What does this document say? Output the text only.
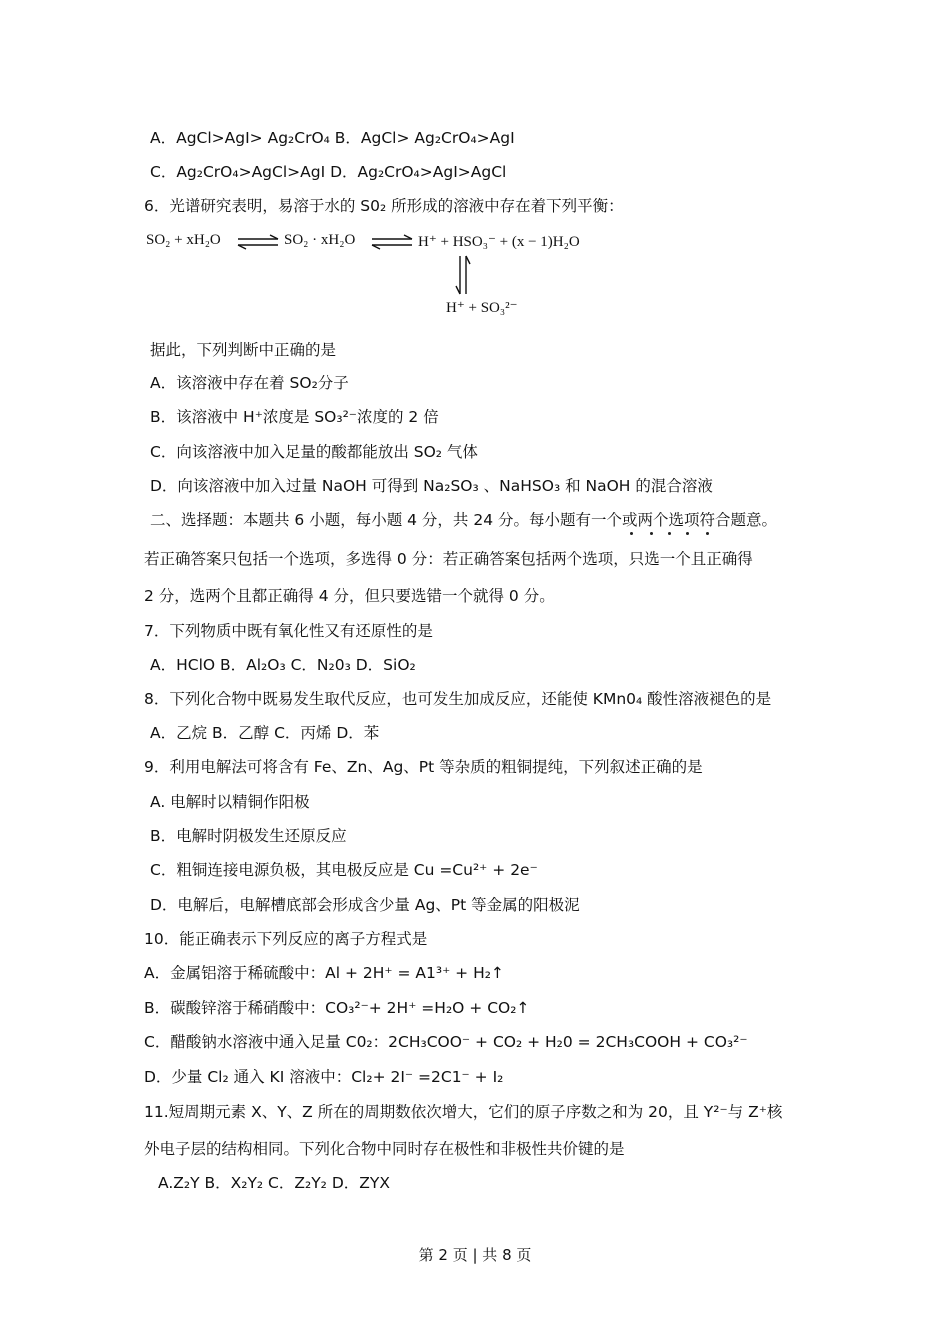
A．AgCl>AgI> Ag₂CrO₄ B．AgCl> Ag₂CrO₄>AgI
C．Ag₂CrO₄>AgCl>AgI D．Ag₂CrO₄>AgI>AgCl
6．光谱研究表明，易溶于水的 S0₂ 所形成的溶液中存在着下列平衡：
SO₂ + xH₂O ⇌ SO₂ · xH₂O ⇌ H⁺ + HSO₃⁻ + (x − 1)H₂O
H⁺ + SO₃²⁻
据此，下列判断中正确的是
A．该溶液中存在着 SO₂分子
B．该溶液中 H⁺浓度是 SO₃²⁻浓度的 2 倍
C．向该溶液中加入足量的酸都能放出 SO₂ 气体
D．向该溶液中加入过量 NaOH 可得到 Na₂SO₃ 、NaHSO₃ 和 NaOH 的混合溶液
二、选择题：本题共 6 小题，每小题 4 分，共 24 分。每小题有一个或两个选项符合题意。
若正确答案只包括一个选项，多选得 0 分：若正确答案包括两个选项，只选一个且正确得
2 分，选两个且都正确得 4 分，但只要选错一个就得 0 分。
7．下列物质中既有氧化性又有还原性的是
A．HClO B．Al₂O₃ C．N₂0₃ D．SiO₂
8．下列化合物中既易发生取代反应，也可发生加成反应，还能使 KMn0₄ 酸性溶液褪色的是
A．乙烷 B．乙醇 C．丙烯 D．苯
9．利用电解法可将含有 Fe、Zn、Ag、Pt 等杂质的粗铜提纯，下列叙述正确的是
A. 电解时以精铜作阳极
B．电解时阴极发生还原反应
C．粗铜连接电源负极，其电极反应是 Cu =Cu²⁺ + 2e⁻
D．电解后，电解槽底部会形成含少量 Ag、Pt 等金属的阳极泥
10．能正确表示下列反应的离子方程式是
A．金属铝溶于稀硫酸中：Al + 2H⁺ = A1³⁺ + H₂↑
B．碳酸锌溶于稀硝酸中：CO₃²⁻+ 2H⁺ =H₂O + CO₂↑
C．醋酸钠水溶液中通入足量 C0₂：2CH₃COO⁻ + CO₂ + H₂0 = 2CH₃COOH + CO₃²⁻
D．少量 Cl₂ 通入 KI 溶液中：Cl₂+ 2I⁻ =2C1⁻ + I₂
11.短周期元素 X、Y、Z 所在的周期数依次增大，它们的原子序数之和为 20，且 Y²⁻与 Z⁺核
外电子层的结构相同。下列化合物中同时存在极性和非极性共价键的是
A.Z₂Y B．X₂Y₂ C．Z₂Y₂ D．ZYX
第 2 页 | 共 8 页
